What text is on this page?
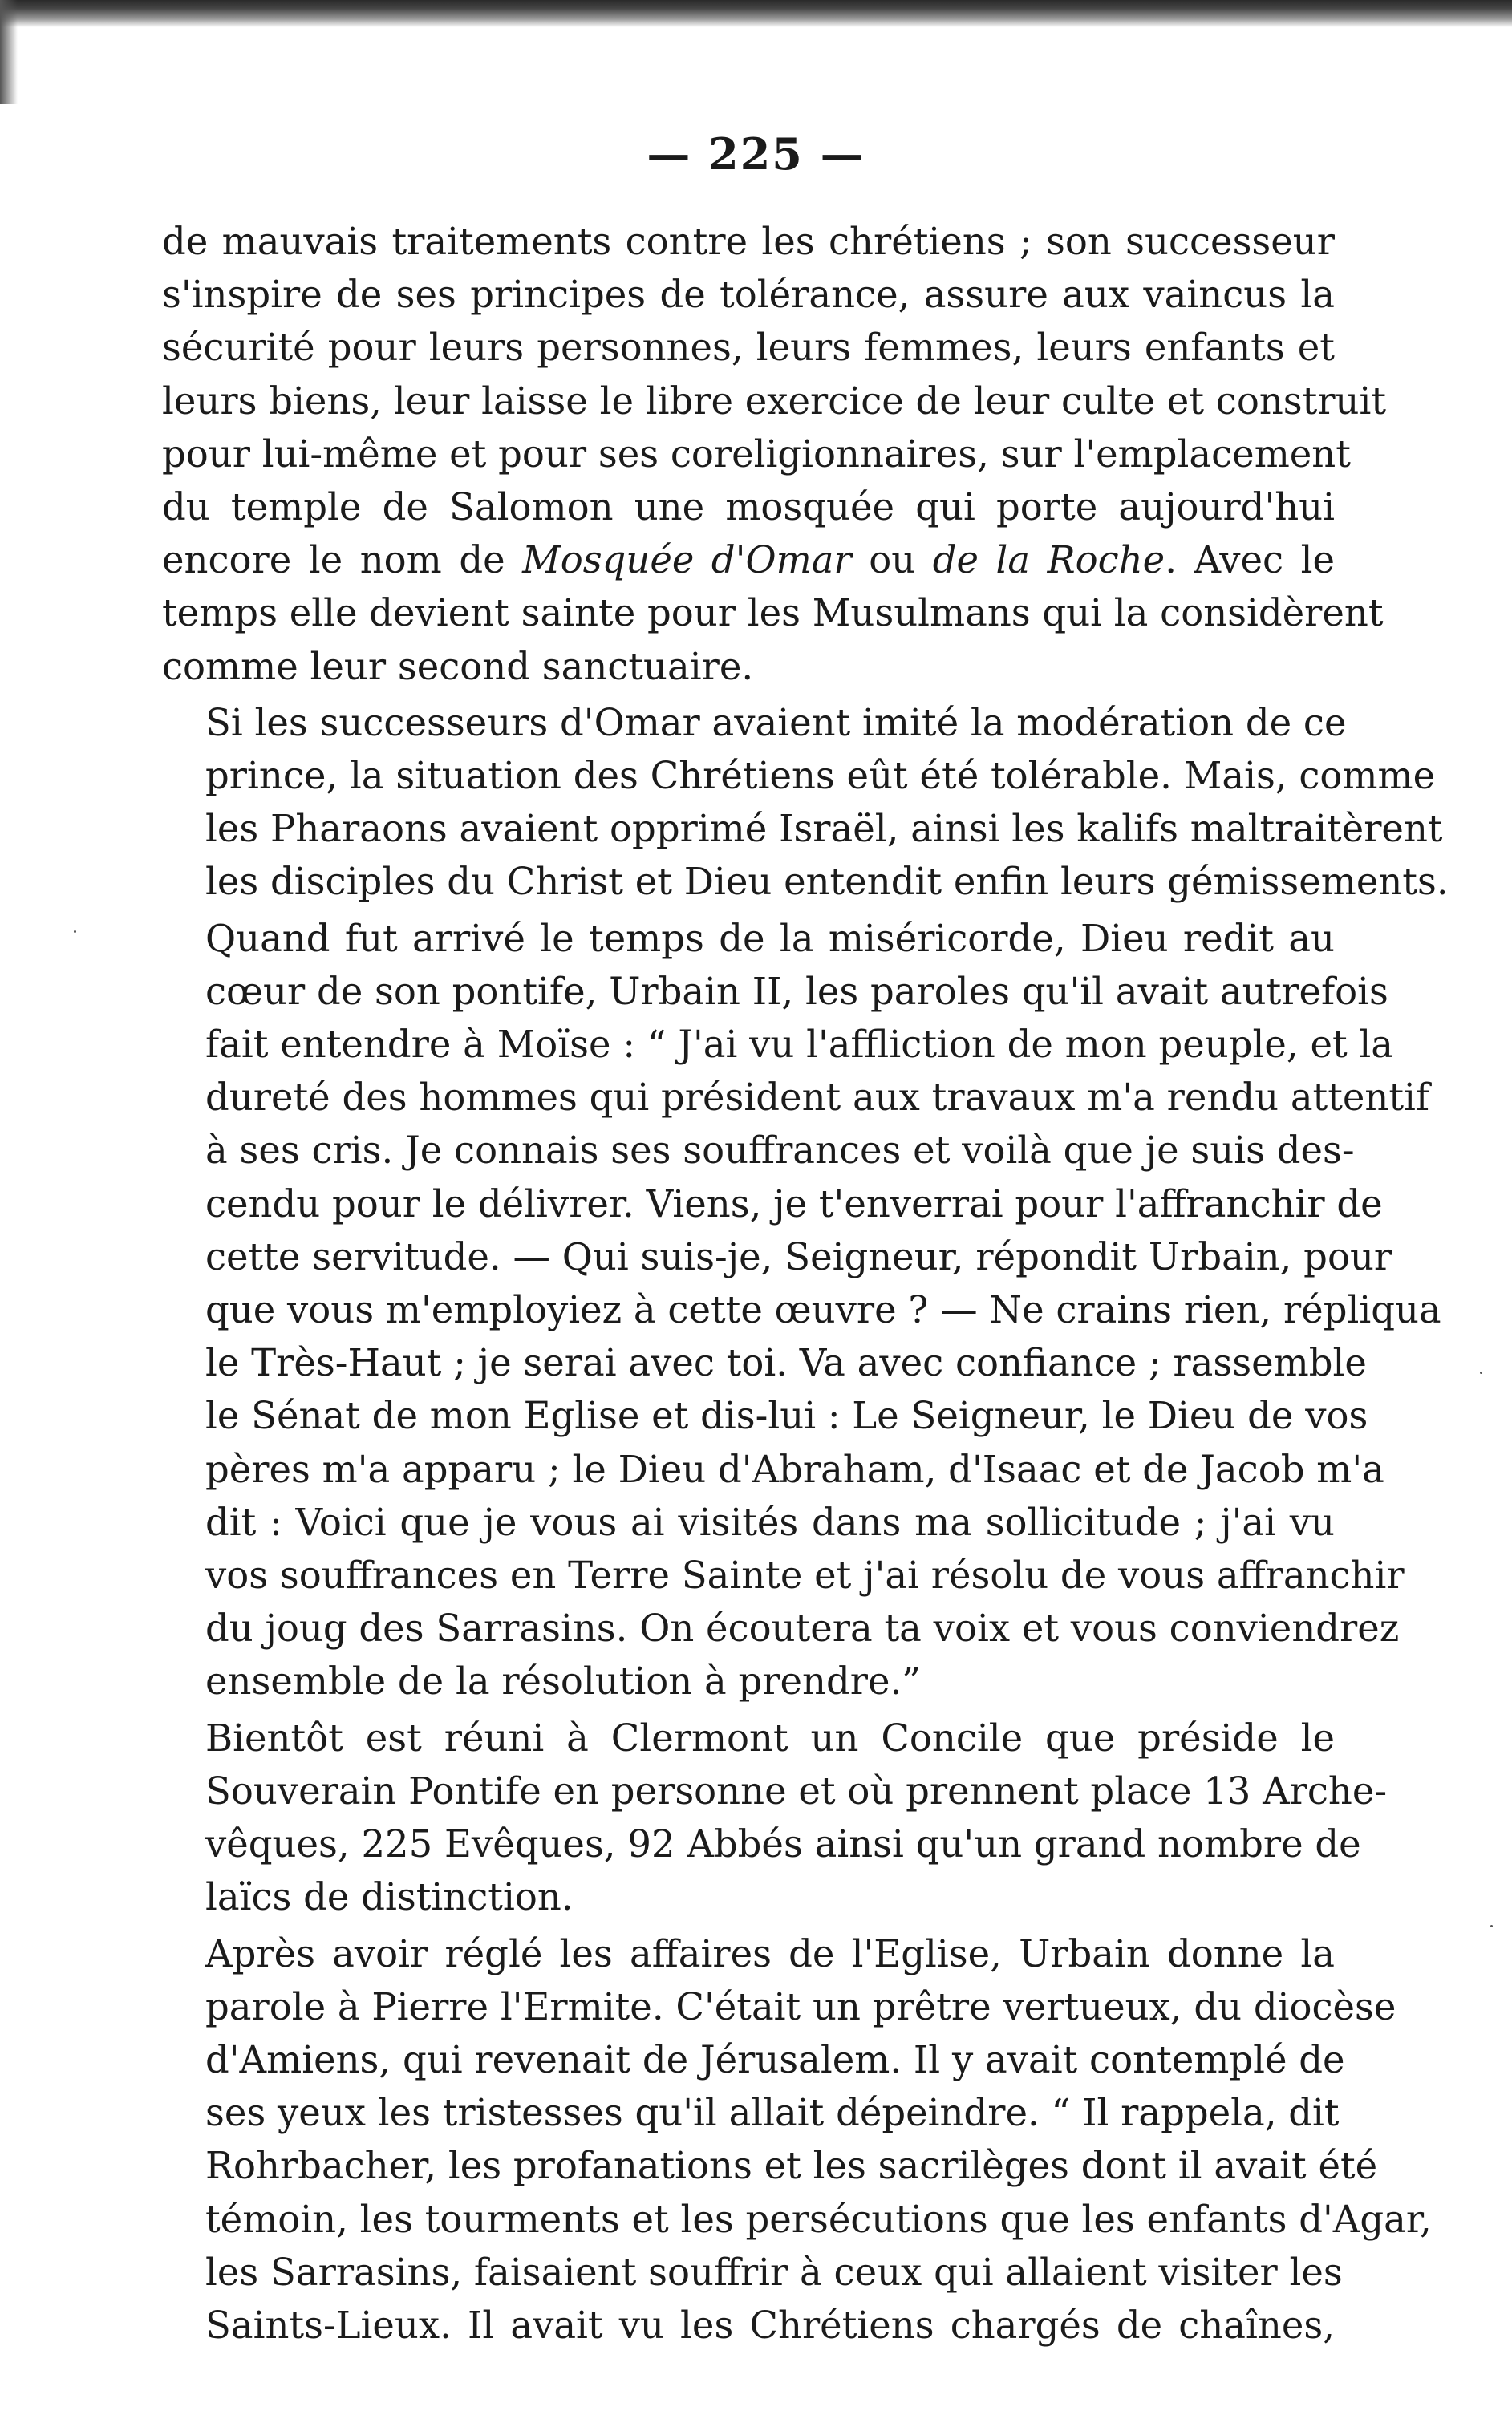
— 225 —

de mauvais traitements contre les chrétiens ; son successeur
s'inspire de ses principes de tolérance, assure aux vaincus la
sécurité pour leurs personnes, leurs femmes, leurs enfants et
leurs biens, leur laisse le libre exercice de leur culte et construit
pour lui-même et pour ses coreligionnaires, sur l'emplacement
du temple de Salomon une mosquée qui porte aujourd'hui
encore le nom de Mosquée d'Omar ou de la Roche. Avec le
temps elle devient sainte pour les Musulmans qui la considèrent
comme leur second sanctuaire.

Si les successeurs d'Omar avaient imité la modération de ce
prince, la situation des Chrétiens eût été tolérable. Mais, comme
les Pharaons avaient opprimé Israël, ainsi les kalifs maltraitèrent
les disciples du Christ et Dieu entendit enfin leurs gémissements.

Quand fut arrivé le temps de la miséricorde, Dieu redit au
cœur de son pontife, Urbain II, les paroles qu'il avait autrefois
fait entendre à Moïse : “ J'ai vu l'affliction de mon peuple, et la
dureté des hommes qui président aux travaux m'a rendu attentif
à ses cris. Je connais ses souffrances et voilà que je suis des-
cendu pour le délivrer. Viens, je t'enverrai pour l'affranchir de
cette servitude. — Qui suis-je, Seigneur, répondit Urbain, pour
que vous m'employiez à cette œuvre ? — Ne crains rien, répliqua
le Très-Haut ; je serai avec toi. Va avec confiance ; rassemble
le Sénat de mon Eglise et dis-lui : Le Seigneur, le Dieu de vos
pères m'a apparu ; le Dieu d'Abraham, d'Isaac et de Jacob m'a
dit : Voici que je vous ai visités dans ma sollicitude ; j'ai vu
vos souffrances en Terre Sainte et j'ai résolu de vous affranchir
du joug des Sarrasins. On écoutera ta voix et vous conviendrez
ensemble de la résolution à prendre.”

Bientôt est réuni à Clermont un Concile que préside le
Souverain Pontife en personne et où prennent place 13 Arche-
vêques, 225 Evêques, 92 Abbés ainsi qu'un grand nombre de
laïcs de distinction.

Après avoir réglé les affaires de l'Eglise, Urbain donne la
parole à Pierre l'Ermite. C'était un prêtre vertueux, du diocèse
d'Amiens, qui revenait de Jérusalem. Il y avait contemplé de
ses yeux les tristesses qu'il allait dépeindre. “ Il rappela, dit
Rohrbacher, les profanations et les sacrilèges dont il avait été
témoin, les tourments et les persécutions que les enfants d'Agar,
les Sarrasins, faisaient souffrir à ceux qui allaient visiter les
Saints-Lieux. Il avait vu les Chrétiens chargés de chaînes,
